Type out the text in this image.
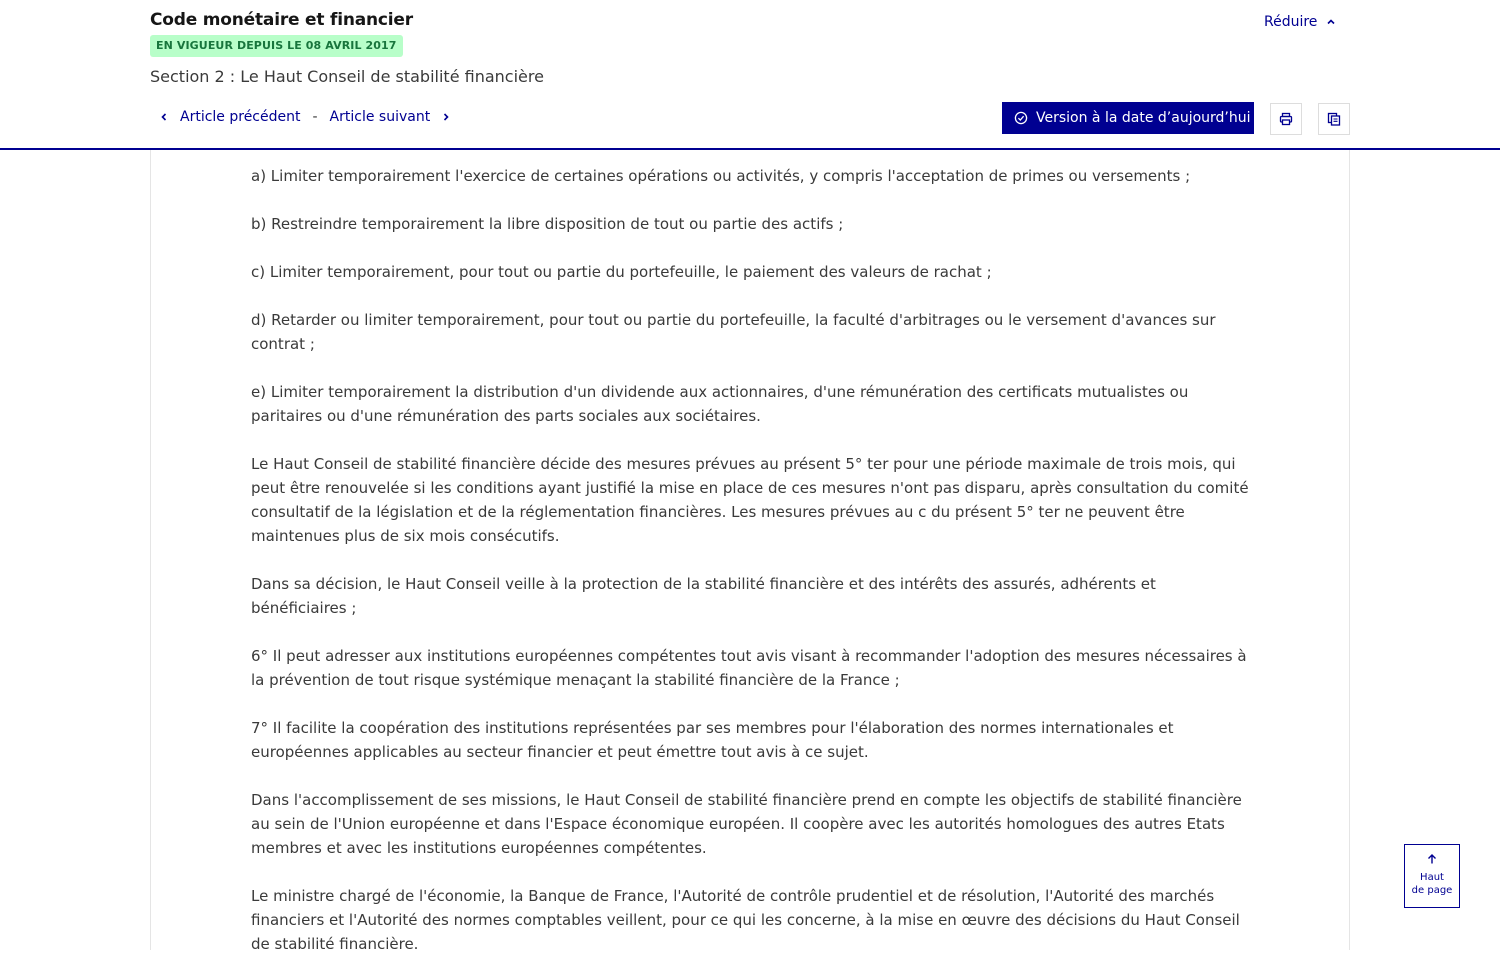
a) Limiter temporairement l'exercice de certaines opérations ou activités, y compris l'acceptation de primes ou versements ;

b) Restreindre temporairement la libre disposition de tout ou partie des actifs ;

c) Limiter temporairement, pour tout ou partie du portefeuille, le paiement des valeurs de rachat ;

d) Retarder ou limiter temporairement, pour tout ou partie du portefeuille, la faculté d'arbitrages ou le versement d'avances sur contrat ;

e) Limiter temporairement la distribution d'un dividende aux actionnaires, d'une rémunération des certificats mutualistes ou paritaires ou d'une rémunération des parts sociales aux sociétaires.

Le Haut Conseil de stabilité financière décide des mesures prévues au présent 5° ter pour une période maximale de trois mois, qui peut être renouvelée si les conditions ayant justifié la mise en place de ces mesures n'ont pas disparu, après consultation du comité consultatif de la législation et de la réglementation financières. Les mesures prévues au c du présent 5° ter ne peuvent être maintenues plus de six mois consécutifs.

Dans sa décision, le Haut Conseil veille à la protection de la stabilité financière et des intérêts des assurés, adhérents et bénéficiaires ;

6° Il peut adresser aux institutions européennes compétentes tout avis visant à recommander l'adoption des mesures nécessaires à la prévention de tout risque systémique menaçant la stabilité financière de la France ;

7° Il facilite la coopération des institutions représentées par ses membres pour l'élaboration des normes internationales et européennes applicables au secteur financier et peut émettre tout avis à ce sujet.

Dans l'accomplissement de ses missions, le Haut Conseil de stabilité financière prend en compte les objectifs de stabilité financière au sein de l'Union européenne et dans l'Espace économique européen. Il coopère avec les autorités homologues des autres Etats membres et avec les institutions européennes compétentes.

Le ministre chargé de l'économie, la Banque de France, l'Autorité de contrôle prudentiel et de résolution, l'Autorité des marchés financiers et l'Autorité des normes comptables veillent, pour ce qui les concerne, à la mise en œuvre des décisions du Haut Conseil de stabilité financière.

Code monétaire et financier
EN VIGUEUR DEPUIS LE 08 AVRIL 2017
Section 2 : Le Haut Conseil de stabilité financière
Réduire
Article précédent - Article suivant	Version à la date d’aujourd’hui
Haut
de page
